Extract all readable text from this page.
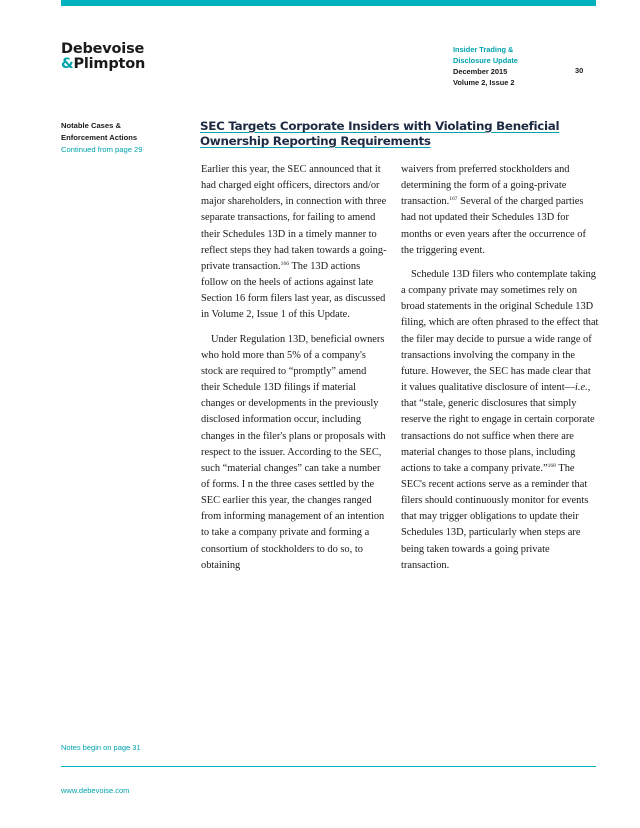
Debevoise
&Plimpton
Insider Trading &
Disclosure Update
December 2015
Volume 2, Issue 2
30
Notable Cases &
Enforcement Actions
Continued from page 29
SEC Targets Corporate Insiders with Violating Beneficial
Ownership Reporting Requirements

Earlier this year, the SEC announced that it had charged eight officers, directors and/or major shareholders, in connection with three separate transactions, for failing to amend their Schedules 13D in a timely manner to reflect steps they had taken towards a going-private transaction.$^{166}$ The 13D actions follow on the heels of actions against late Section 16 form filers last year, as discussed in Volume 2, Issue 1 of this Update.

Under Regulation 13D, beneficial owners who hold more than 5% of a company's stock are required to “promptly” amend their Schedule 13D filings if material changes or developments in the previously disclosed information occur, including changes in the filer's plans or proposals with respect to the issuer. According to the SEC, such “material changes” can take a number of forms. I n the three cases settled by the SEC earlier this year, the changes ranged from informing management of an intention to take a company private and forming a consortium of stockholders to do so, to obtaining

waivers from preferred stockholders and determining the form of a going-private transaction.$^{167}$ Several of the charged parties had not updated their Schedules 13D for months or even years after the occurrence of the triggering event.

Schedule 13D filers who contemplate taking a company private may sometimes rely on broad statements in the original Schedule 13D filing, which are often phrased to the effect that the filer may decide to pursue a wide range of transactions involving the company in the future. However, the SEC has made clear that it values qualitative disclosure of intent—i.e., that “stale, generic disclosures that simply reserve the right to engage in certain corporate transactions do not suffice when there are material changes to those plans, including actions to take a company private.”$^{168}$ The SEC's recent actions serve as a reminder that filers should continuously monitor for events that may trigger obligations to update their Schedules 13D, particularly when steps are being taken towards a going private transaction.

Notes begin on page 31
www.debevoise.com
